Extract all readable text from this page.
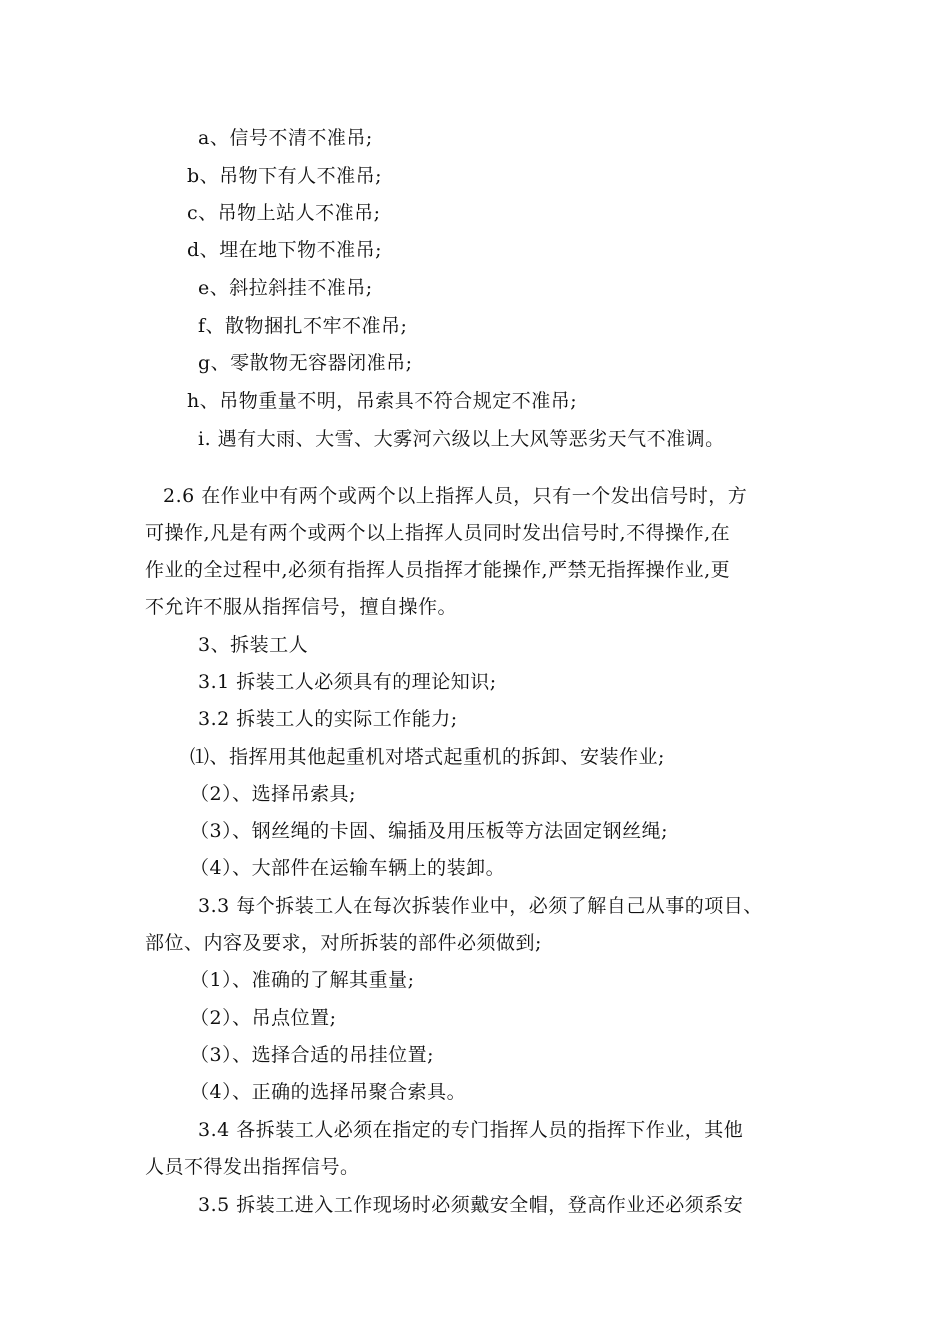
a、信号不清不准吊;
b、吊物下有人不准吊;
c、吊物上站人不准吊;
d、埋在地下物不准吊;
e、斜拉斜挂不准吊;
f、散物捆扎不牢不准吊;
g、零散物无容器闭准吊;
h、吊物重量不明，吊索具不符合规定不准吊;
i. 遇有大雨、大雪、大雾河六级以上大风等恶劣天气不准调。
2.6 在作业中有两个或两个以上指挥人员，只有一个发出信号时，方
可操作,凡是有两个或两个以上指挥人员同时发出信号时,不得操作,在
作业的全过程中,必须有指挥人员指挥才能操作,严禁无指挥操作业,更
不允许不服从指挥信号，擅自操作。
3、拆装工人
3.1 拆装工人必须具有的理论知识;
3.2 拆装工人的实际工作能力;
⑴、指挥用其他起重机对塔式起重机的拆卸、安装作业;
（2）、选择吊索具;
（3）、钢丝绳的卡固、编插及用压板等方法固定钢丝绳;
（4）、大部件在运输车辆上的装卸。
3.3 每个拆装工人在每次拆装作业中，必须了解自己从事的项目、
部位、内容及要求，对所拆装的部件必须做到;
（1）、准确的了解其重量;
（2）、吊点位置;
（3）、选择合适的吊挂位置;
（4）、正确的选择吊聚合索具。
3.4 各拆装工人必须在指定的专门指挥人员的指挥下作业，其他
人员不得发出指挥信号。
3.5 拆装工进入工作现场时必须戴安全帽，登高作业还必须系安
